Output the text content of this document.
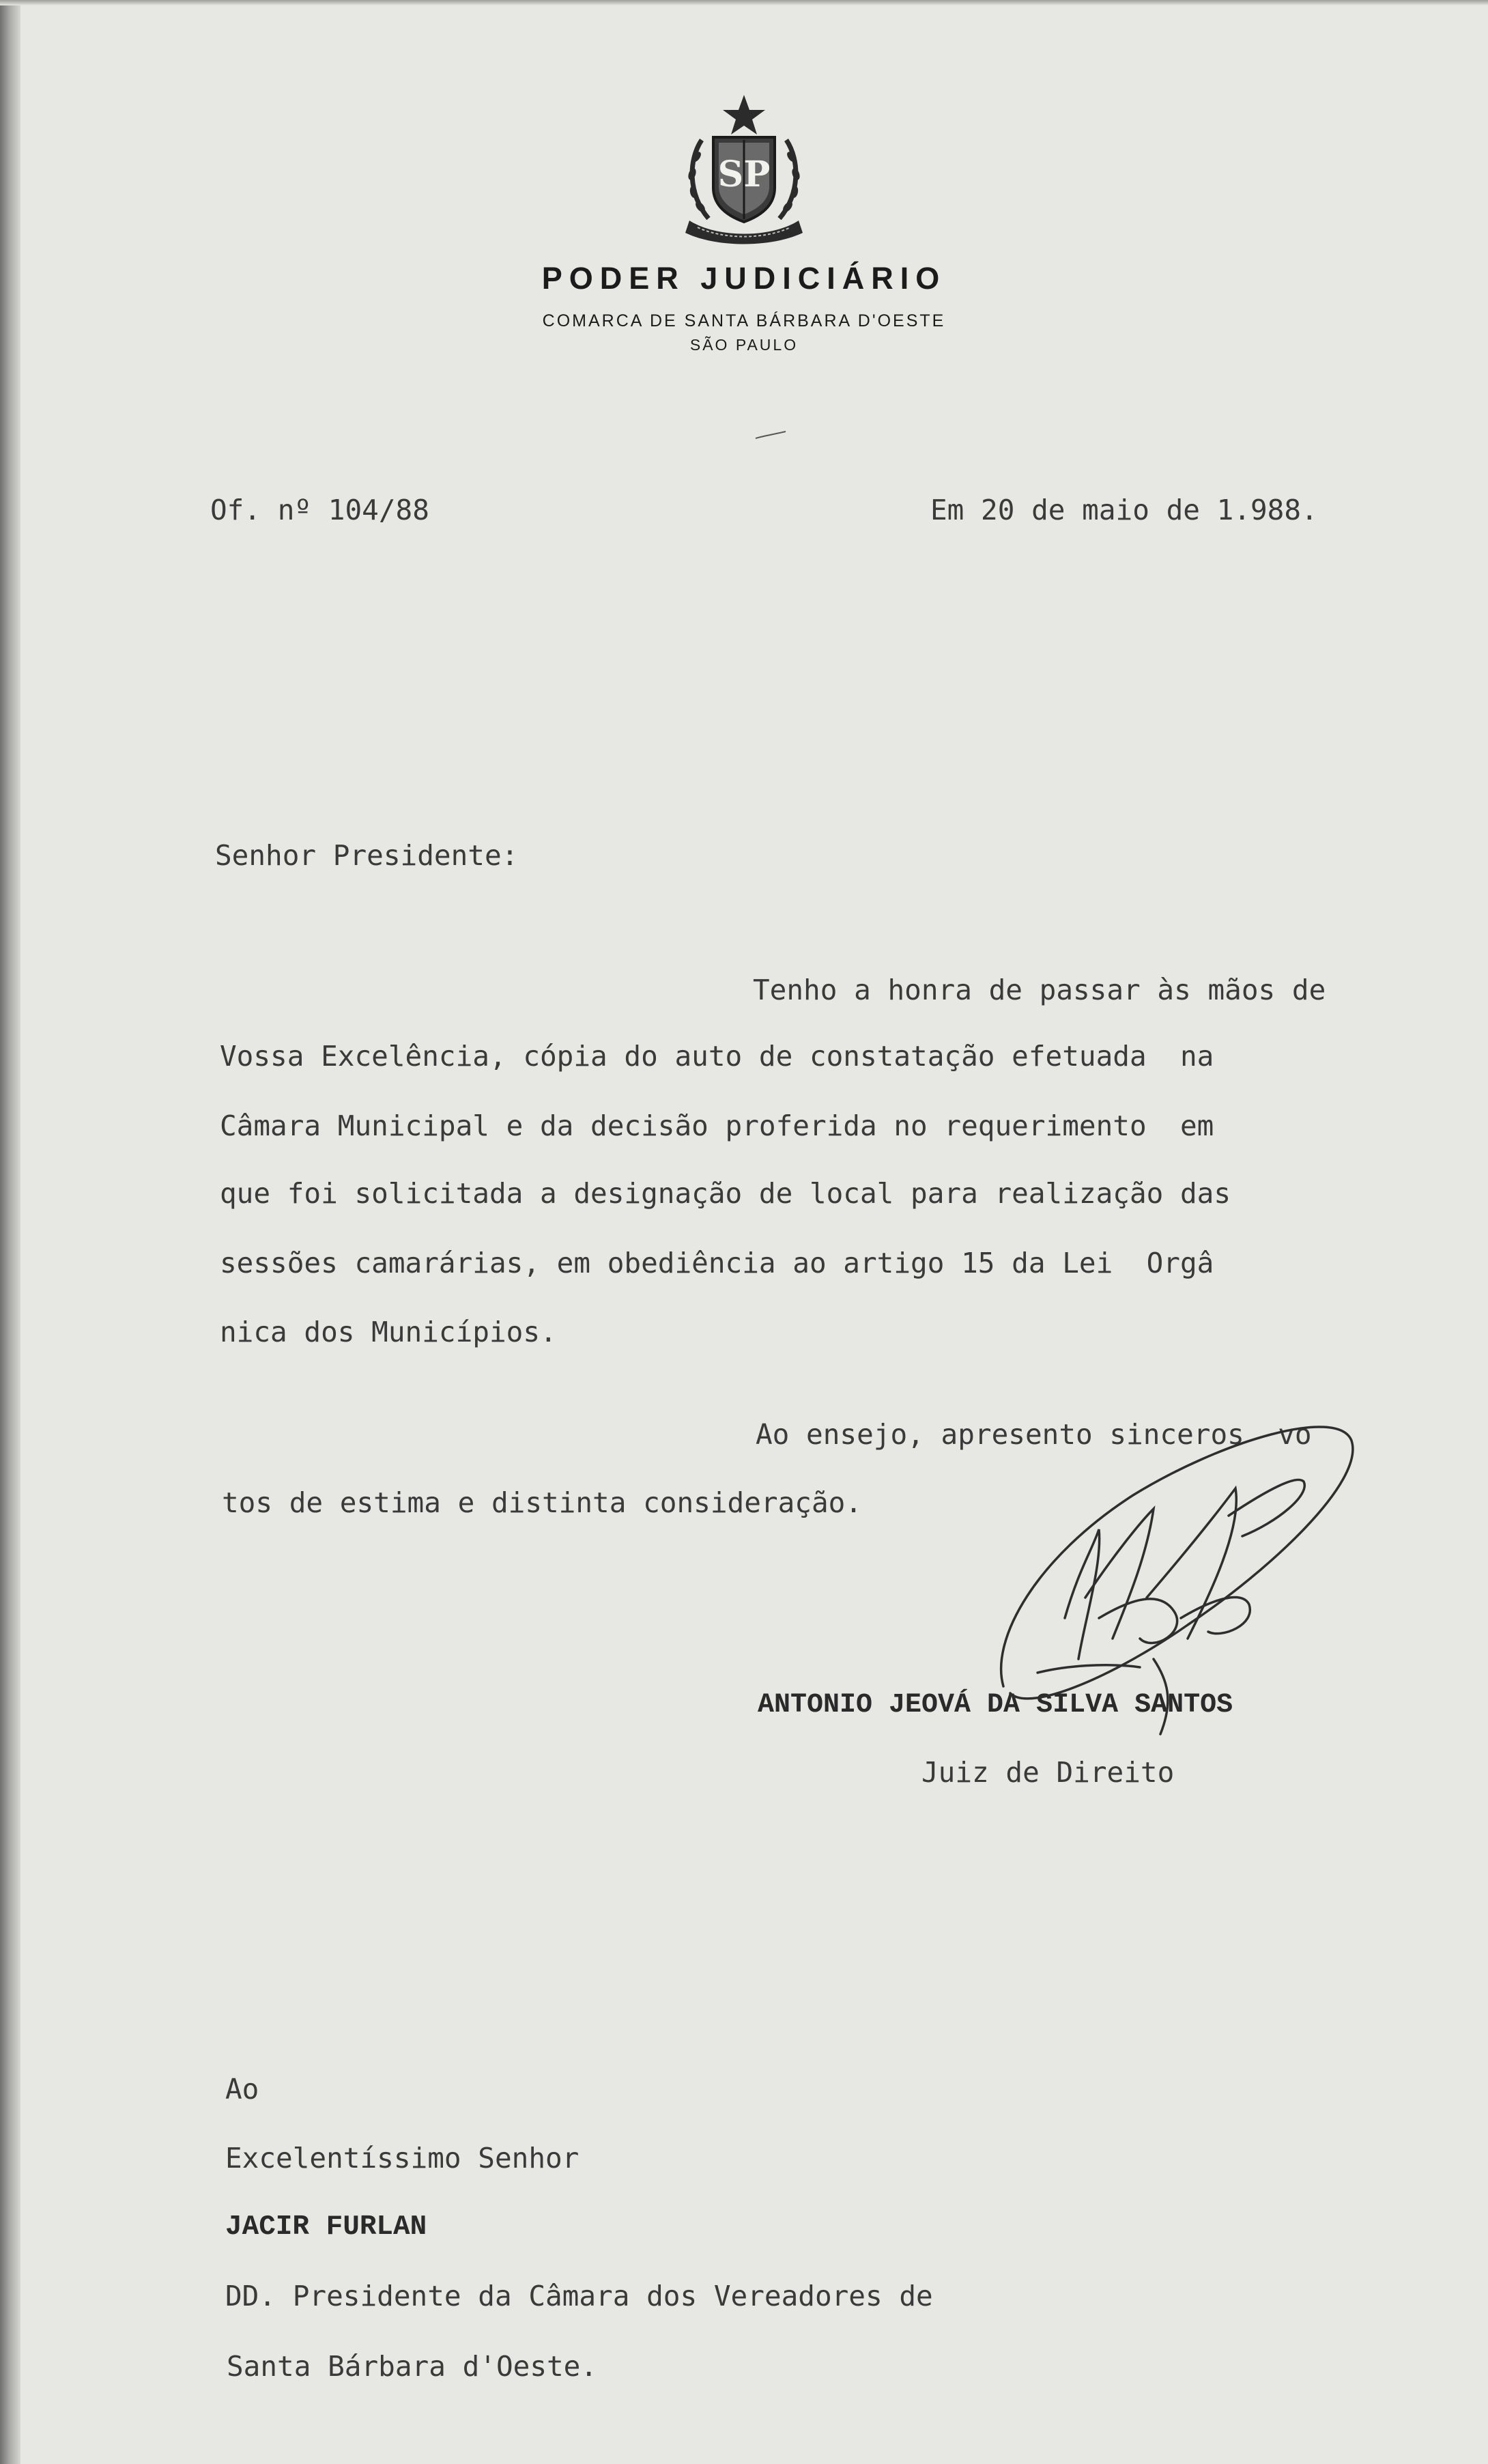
SP
PODER JUDICIÁRIO
COMARCA DE SANTA BÁRBARA D'OESTE
SÃO PAULO
Of. nº 104/88	Em 20 de maio de 1.988.
Senhor Presidente:
Tenho a honra de passar às mãos de
Vossa Excelência, cópia do auto de constatação efetuada  na
Câmara Municipal e da decisão proferida no requerimento  em
que foi solicitada a designação de local para realização das
sessões camarárias, em obediência ao artigo 15 da Lei  Orgâ
nica dos Municípios.
Ao ensejo, apresento sinceros  vo
tos de estima e distinta consideração.
ANTONIO JEOVÁ DA SILVA SANTOS
Juiz de Direito
Ao
Excelentíssimo Senhor
JACIR FURLAN
DD. Presidente da Câmara dos Vereadores de
Santa Bárbara d'Oeste.
